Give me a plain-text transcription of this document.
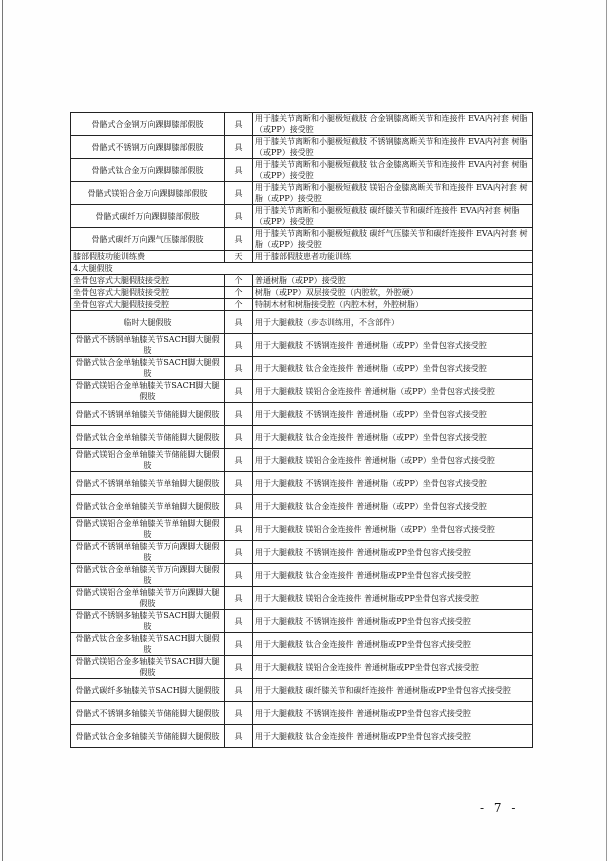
骨骼式合金钢万向踝脚膝部假肢	具	用于膝关节离断和小腿极短截肢 合金钢膝离断关节和连接件 EVA内衬套 树脂（或PP）接受腔
骨骼式不锈钢万向踝脚膝部假肢	具	用于膝关节离断和小腿极短截肢 不锈钢膝离断关节和连接件 EVA内衬套 树脂（或PP）接受腔
骨骼式钛合金万向踝脚膝部假肢	具	用于膝关节离断和小腿极短截肢 钛合金膝离断关节和连接件 EVA内衬套 树脂（或PP）接受腔
骨骼式镁铝合金万向踝脚膝部假肢	具	用于膝关节离断和小腿极短截肢 镁铝合金膝离断关节和连接件 EVA内衬套 树脂（或PP）接受腔
骨骼式碳纤万向踝脚膝部假肢	具	用于膝关节离断和小腿极短截肢 碳纤膝关节和碳纤连接件 EVA内衬套 树脂（或PP）接受腔
骨骼式碳纤万向踝气压膝部假肢	具	用于膝关节离断和小腿极短截肢 碳纤气压膝关节和碳纤连接件 EVA内衬套 树脂（或PP）接受腔
膝部假肢功能训练费	天	用于膝部假肢患者功能训练
4.大腿假肢		
坐骨包容式大腿假肢接受腔	个	普通树脂（或PP）接受腔
坐骨包容式大腿假肢接受腔	个	树脂（或PP）双层接受腔（内腔软，外腔硬）
坐骨包容式大腿假肢接受腔	个	特制木材和树脂接受腔（内腔木材，外腔树脂）
临时大腿假肢	具	用于大腿截肢（步态训练用，不含部件）
骨骼式不锈钢单轴膝关节SACH脚大腿假肢	具	用于大腿截肢 不锈钢连接件 普通树脂（或PP）坐骨包容式接受腔
骨骼式钛合金单轴膝关节SACH脚大腿假肢	具	用于大腿截肢 钛合金连接件 普通树脂（或PP）坐骨包容式接受腔
骨骼式镁铝合金单轴膝关节SACH脚大腿假肢	具	用于大腿截肢 镁铝合金连接件 普通树脂（或PP）坐骨包容式接受腔
骨骼式不锈钢单轴膝关节储能脚大腿假肢	具	用于大腿截肢 不锈钢连接件 普通树脂（或PP）坐骨包容式接受腔
骨骼式钛合金单轴膝关节储能脚大腿假肢	具	用于大腿截肢 钛合金连接件 普通树脂（或PP）坐骨包容式接受腔
骨骼式镁铝合金单轴膝关节储能脚大腿假肢	具	用于大腿截肢 镁铝合金连接件 普通树脂（或PP）坐骨包容式接受腔
骨骼式不锈钢单轴膝关节单轴脚大腿假肢	具	用于大腿截肢 不锈钢连接件 普通树脂（或PP）坐骨包容式接受腔
骨骼式钛合金单轴膝关节单轴脚大腿假肢	具	用于大腿截肢 钛合金连接件 普通树脂（或PP）坐骨包容式接受腔
骨骼式镁铝合金单轴膝关节单轴脚大腿假肢	具	用于大腿截肢 镁铝合金连接件 普通树脂（或PP）坐骨包容式接受腔
骨骼式不锈钢单轴膝关节万向踝脚大腿假肢	具	用于大腿截肢 不锈钢连接件 普通树脂或PP坐骨包容式接受腔
骨骼式钛合金单轴膝关节万向踝脚大腿假肢	具	用于大腿截肢 钛合金连接件 普通树脂或PP坐骨包容式接受腔
骨骼式镁铝合金单轴膝关节万向踝脚大腿假肢	具	用于大腿截肢 镁铝合金连接件 普通树脂或PP坐骨包容式接受腔
骨骼式不锈钢多轴膝关节SACH脚大腿假肢	具	用于大腿截肢 不锈钢连接件 普通树脂或PP坐骨包容式接受腔
骨骼式钛合金多轴膝关节SACH脚大腿假肢	具	用于大腿截肢 钛合金连接件 普通树脂或PP坐骨包容式接受腔
骨骼式镁铝合金多轴膝关节SACH脚大腿假肢	具	用于大腿截肢 镁铝合金连接件 普通树脂或PP坐骨包容式接受腔
骨骼式碳纤多轴膝关节SACH脚大腿假肢	具	用于大腿截肢 碳纤膝关节和碳纤连接件 普通树脂或PP坐骨包容式接受腔
骨骼式不锈钢多轴膝关节储能脚大腿假肢	具	用于大腿截肢 不锈钢连接件 普通树脂或PP坐骨包容式接受腔
骨骼式钛合金多轴膝关节储能脚大腿假肢	具	用于大腿截肢 钛合金连接件 普通树脂或PP坐骨包容式接受腔
- 7 -
